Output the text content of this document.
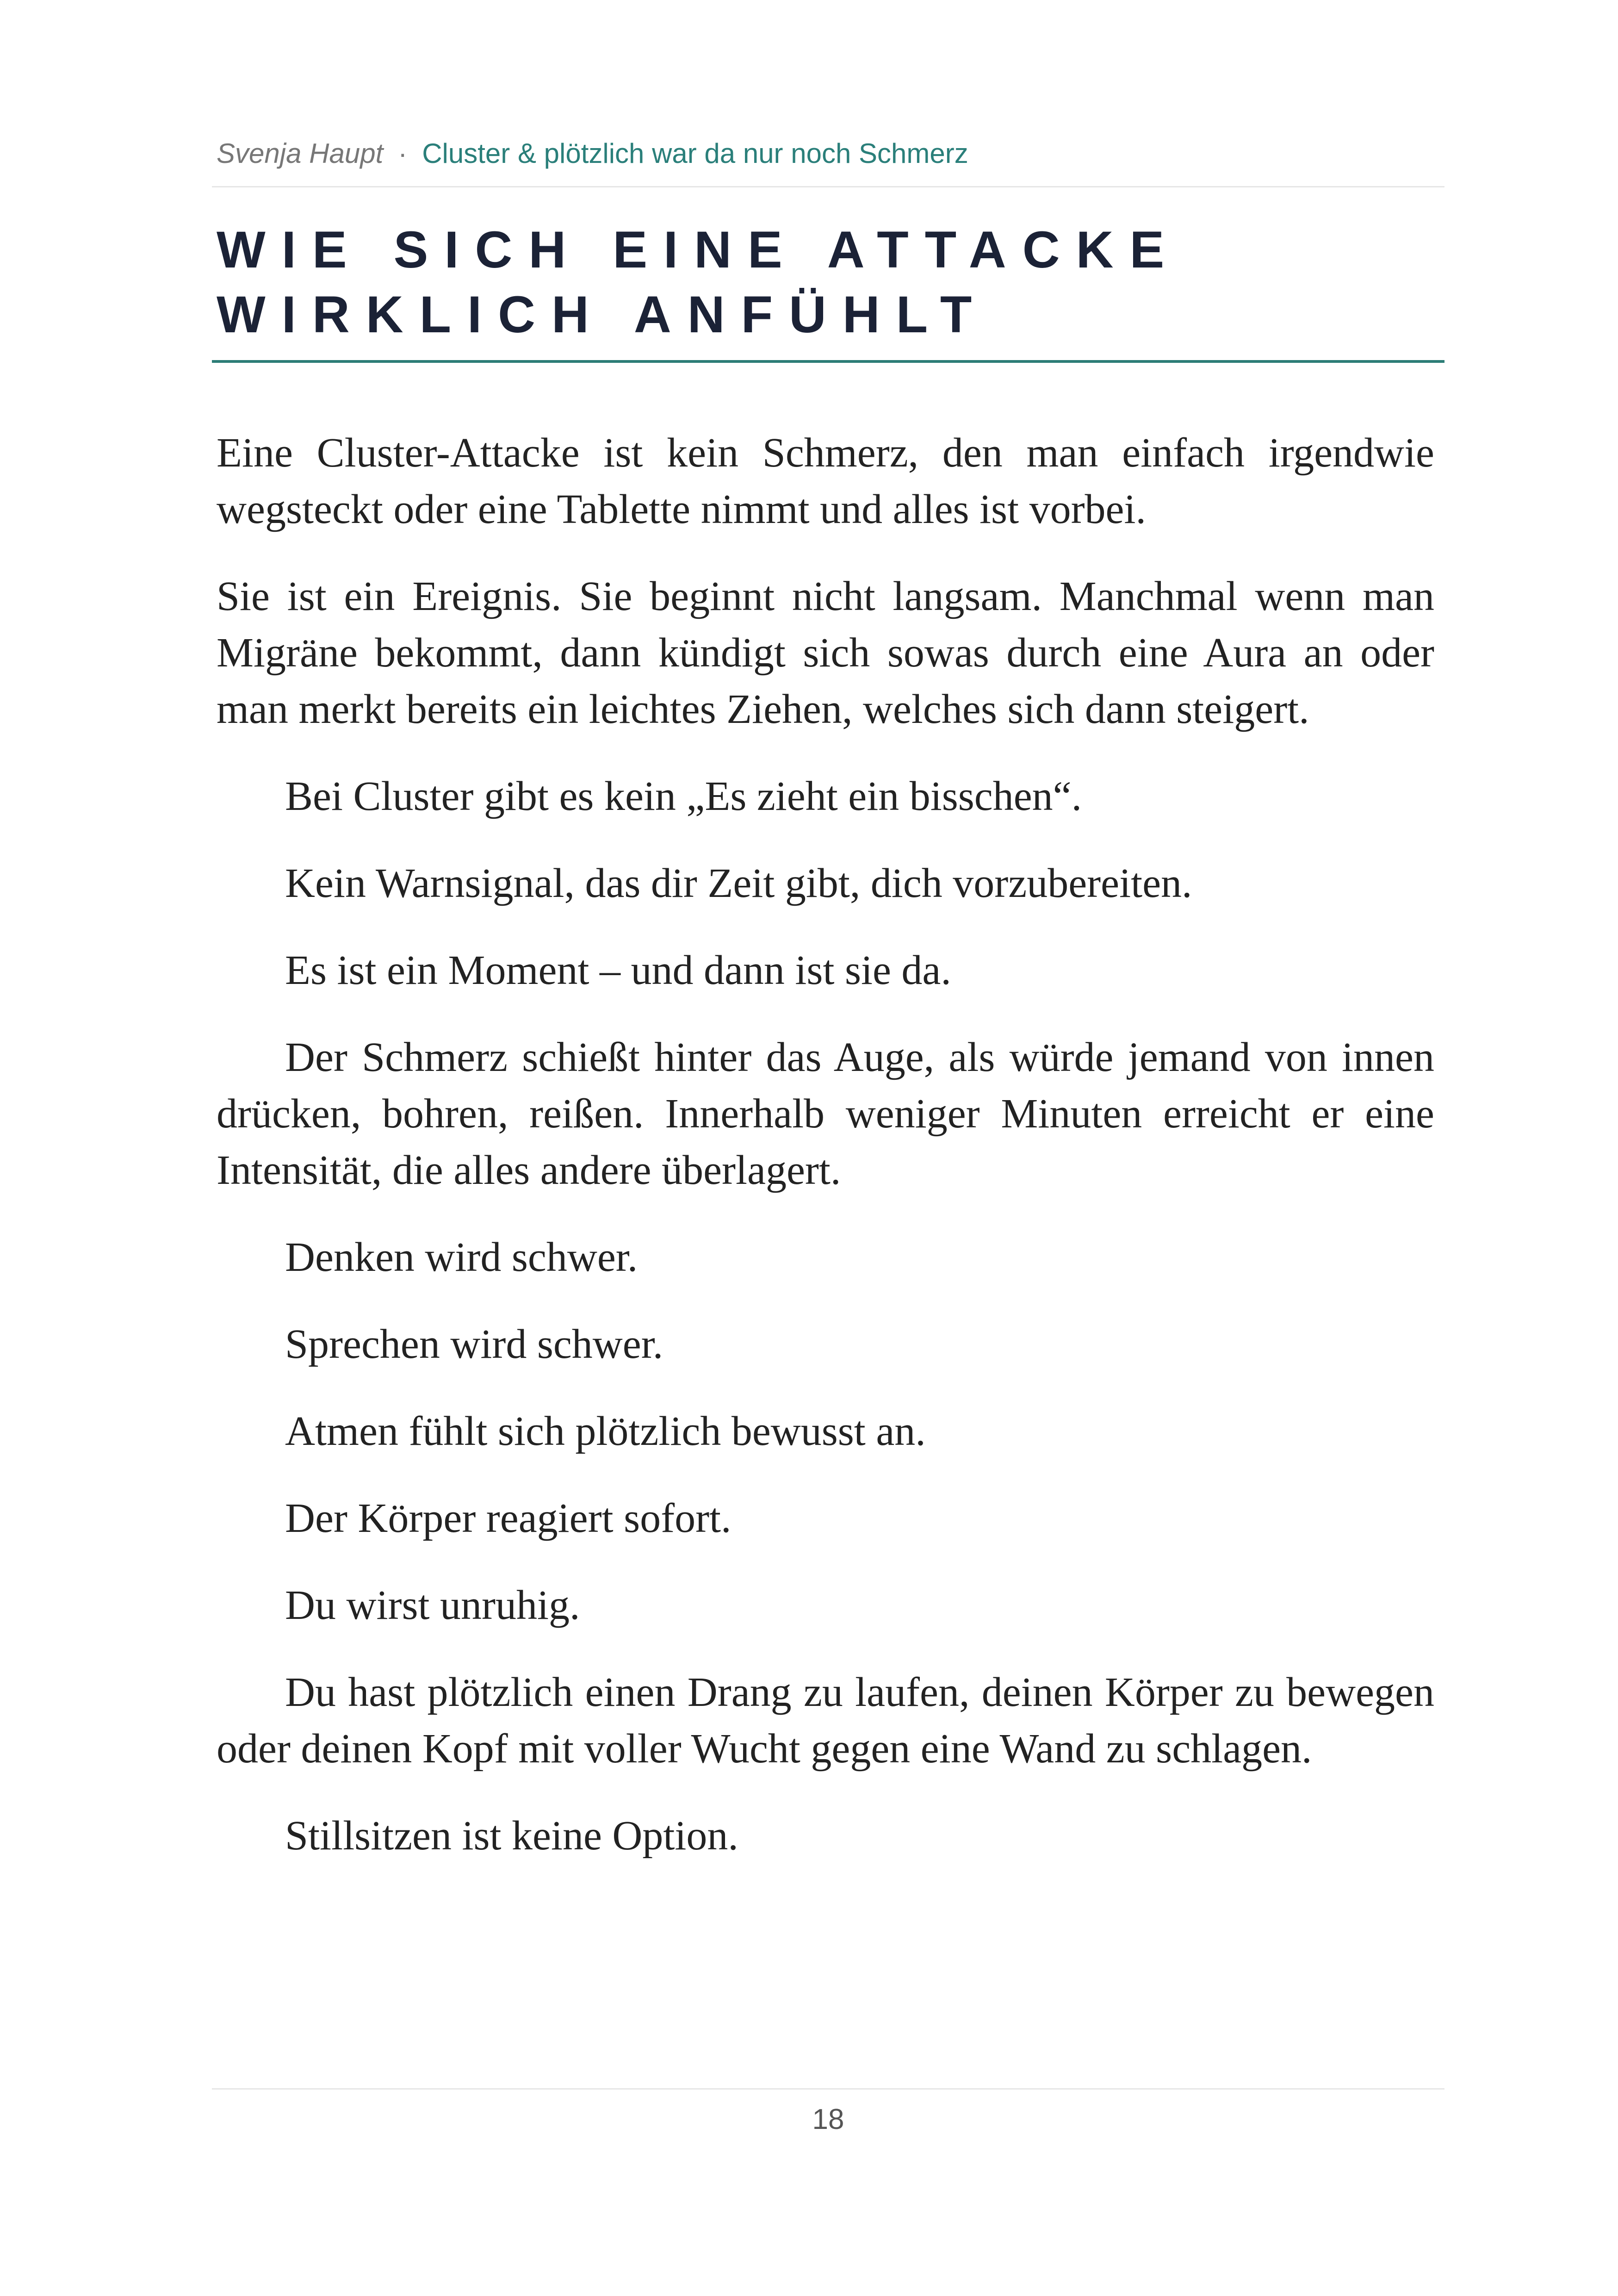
Svenja Haupt · Cluster & plötzlich war da nur noch Schmerz
WIE SICH EINE ATTACKE
WIRKLICH ANFÜHLT

Eine Cluster-Attacke ist kein Schmerz, den man einfach irgendwie wegsteckt oder eine Tablette nimmt und alles ist vorbei.

Sie ist ein Ereignis. Sie beginnt nicht langsam. Manchmal wenn man Migräne bekommt, dann kündigt sich sowas durch eine Aura an oder man merkt bereits ein leichtes Ziehen, welches sich dann steigert.

Bei Cluster gibt es kein „Es zieht ein bisschen“.

Kein Warnsignal, das dir Zeit gibt, dich vorzubereiten.

Es ist ein Moment – und dann ist sie da.

Der Schmerz schießt hinter das Auge, als würde jemand von innen drücken, bohren, reißen. Innerhalb weniger Minuten erreicht er eine Intensität, die alles andere überlagert.

Denken wird schwer.

Sprechen wird schwer.

Atmen fühlt sich plötzlich bewusst an.

Der Körper reagiert sofort.

Du wirst unruhig.

Du hast plötzlich einen Drang zu laufen, deinen Körper zu bewegen oder deinen Kopf mit voller Wucht gegen eine Wand zu schlagen.

Stillsitzen ist keine Option.

18
